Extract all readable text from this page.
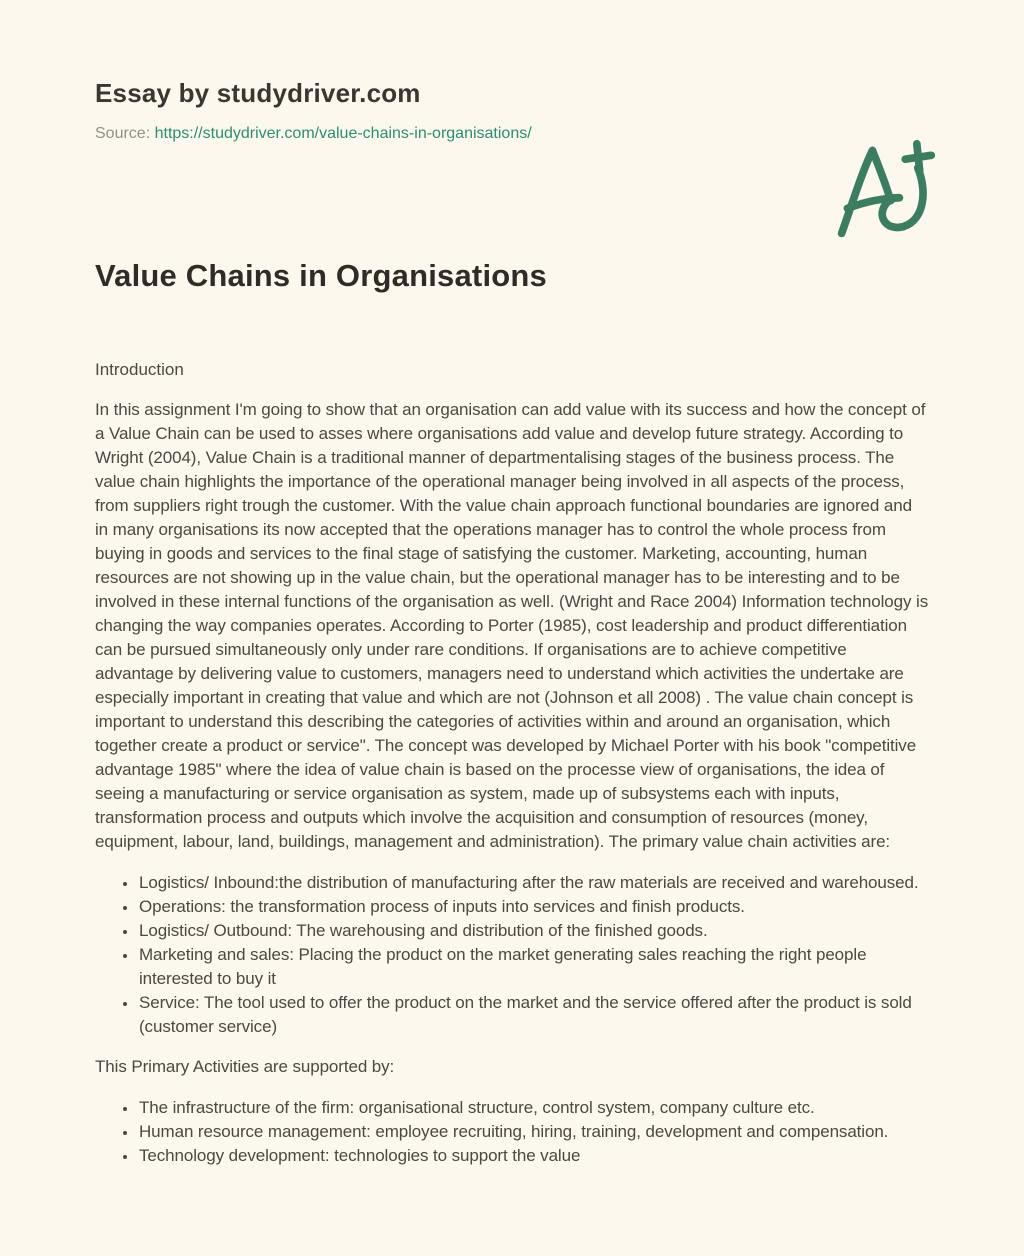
Essay by studydriver.com
Source: https://studydriver.com/value-chains-in-organisations/
Value Chains in Organisations
Introduction

In this assignment I'm going to show that an organisation can add value with its success and how the concept of a Value Chain can be used to asses where organisations add value and develop future strategy. According to Wright (2004), Value Chain is a traditional manner of departmentalising stages of the business process. The value chain highlights the importance of the operational manager being involved in all aspects of the process, from suppliers right trough the customer. With the value chain approach functional boundaries are ignored and in many organisations its now accepted that the operations manager has to control the whole process from buying in goods and services to the final stage of satisfying the customer. Marketing, accounting, human resources are not showing up in the value chain, but the operational manager has to be interesting and to be involved in these internal functions of the organisation as well. (Wright and Race 2004) Information technology is changing the way companies operates. According to Porter (1985), cost leadership and product differentiation can be pursued simultaneously only under rare conditions. If organisations are to achieve competitive advantage by delivering value to customers, managers need to understand which activities the undertake are especially important in creating that value and which are not (Johnson et all 2008) . The value chain concept is important to understand this describing the categories of activities within and around an organisation, which together create a product or service". The concept was developed by Michael Porter with his book "competitive advantage 1985" where the idea of value chain is based on the processe view of organisations, the idea of seeing a manufacturing or service organisation as system, made up of subsystems each with inputs, transformation process and outputs which involve the acquisition and consumption of resources (money, equipment, labour, land, buildings, management and administration). The primary value chain activities are:

• Logistics/ Inbound:the distribution of manufacturing after the raw materials are received and warehoused.
• Operations: the transformation process of inputs into services and finish products.
• Logistics/ Outbound: The warehousing and distribution of the finished goods.
• Marketing and sales: Placing the product on the market generating sales reaching the right people interested to buy it
• Service: The tool used to offer the product on the market and the service offered after the product is sold (customer service)

This Primary Activities are supported by:

• The infrastructure of the firm: organisational structure, control system, company culture etc.
• Human resource management: employee recruiting, hiring, training, development and compensation.
• Technology development: technologies to support the value
